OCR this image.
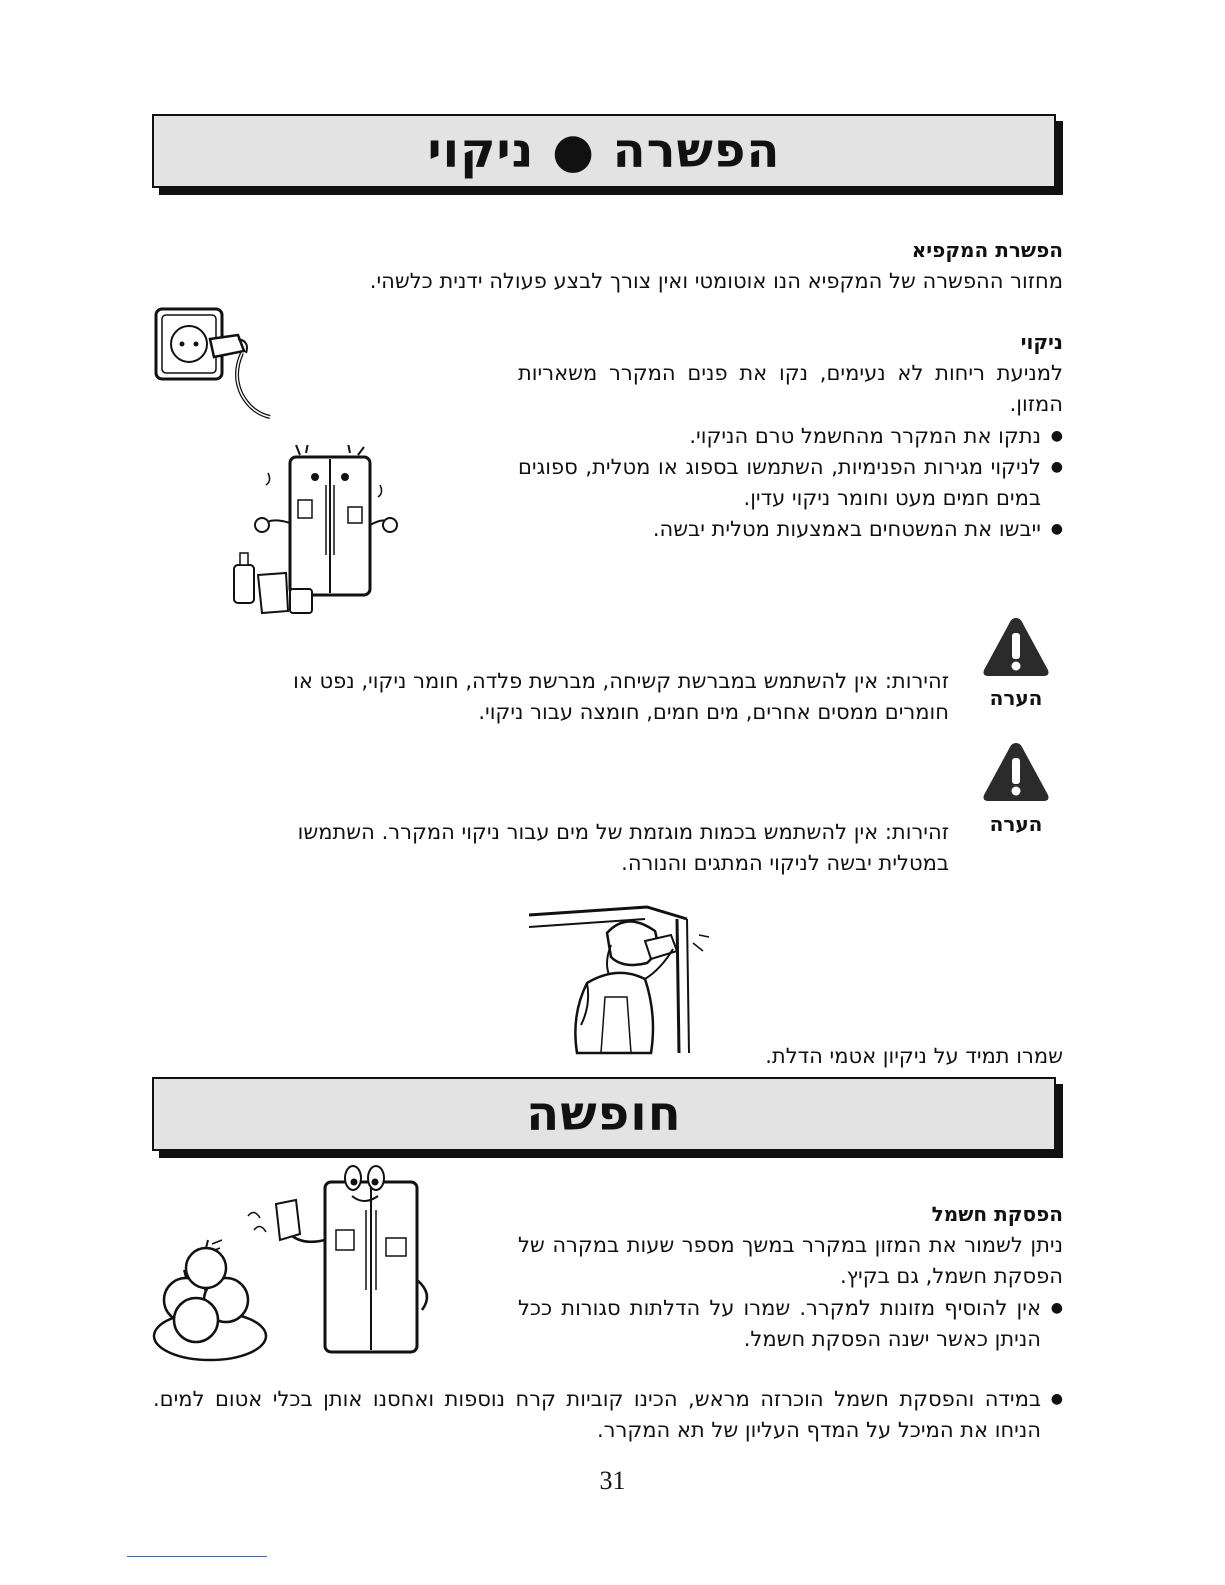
הפשרה ● ניקוי
הפשרת המקפיא
מחזור ההפשרה של המקפיא הנו אוטומטי ואין צורך לבצע פעולה ידנית כלשהי.
ניקוי
למניעת ריחות לא נעימים, נקו את פנים המקרר משאריות המזון.
● נתקו את המקרר מהחשמל טרם הניקוי.
● לניקוי מגירות הפנימיות, השתמשו בספוג או מטלית, ספוגים במים חמים מעט וחומר ניקוי עדין.
● ייבשו את המשטחים באמצעות מטלית יבשה.
הערה
זהירות: אין להשתמש במברשת קשיחה, מברשת פלדה, חומר ניקוי, נפט או חומרים ממסים אחרים, מים חמים, חומצה עבור ניקוי.
הערה
זהירות: אין להשתמש בכמות מוגזמת של מים עבור ניקוי המקרר. השתמשו במטלית יבשה לניקוי המתגים והנורה.
שמרו תמיד על ניקיון אטמי הדלת.
חופשה
הפסקת חשמל
ניתן לשמור את המזון במקרר במשך מספר שעות במקרה של הפסקת חשמל, גם בקיץ.
● אין להוסיף מזונות למקרר. שמרו על הדלתות סגורות ככל הניתן כאשר ישנה הפסקת חשמל.
● במידה והפסקת חשמל הוכרזה מראש, הכינו קוביות קרח נוספות ואחסנו אותן בכלי אטום למים. הניחו את המיכל על המדף העליון של תא המקרר.
31
